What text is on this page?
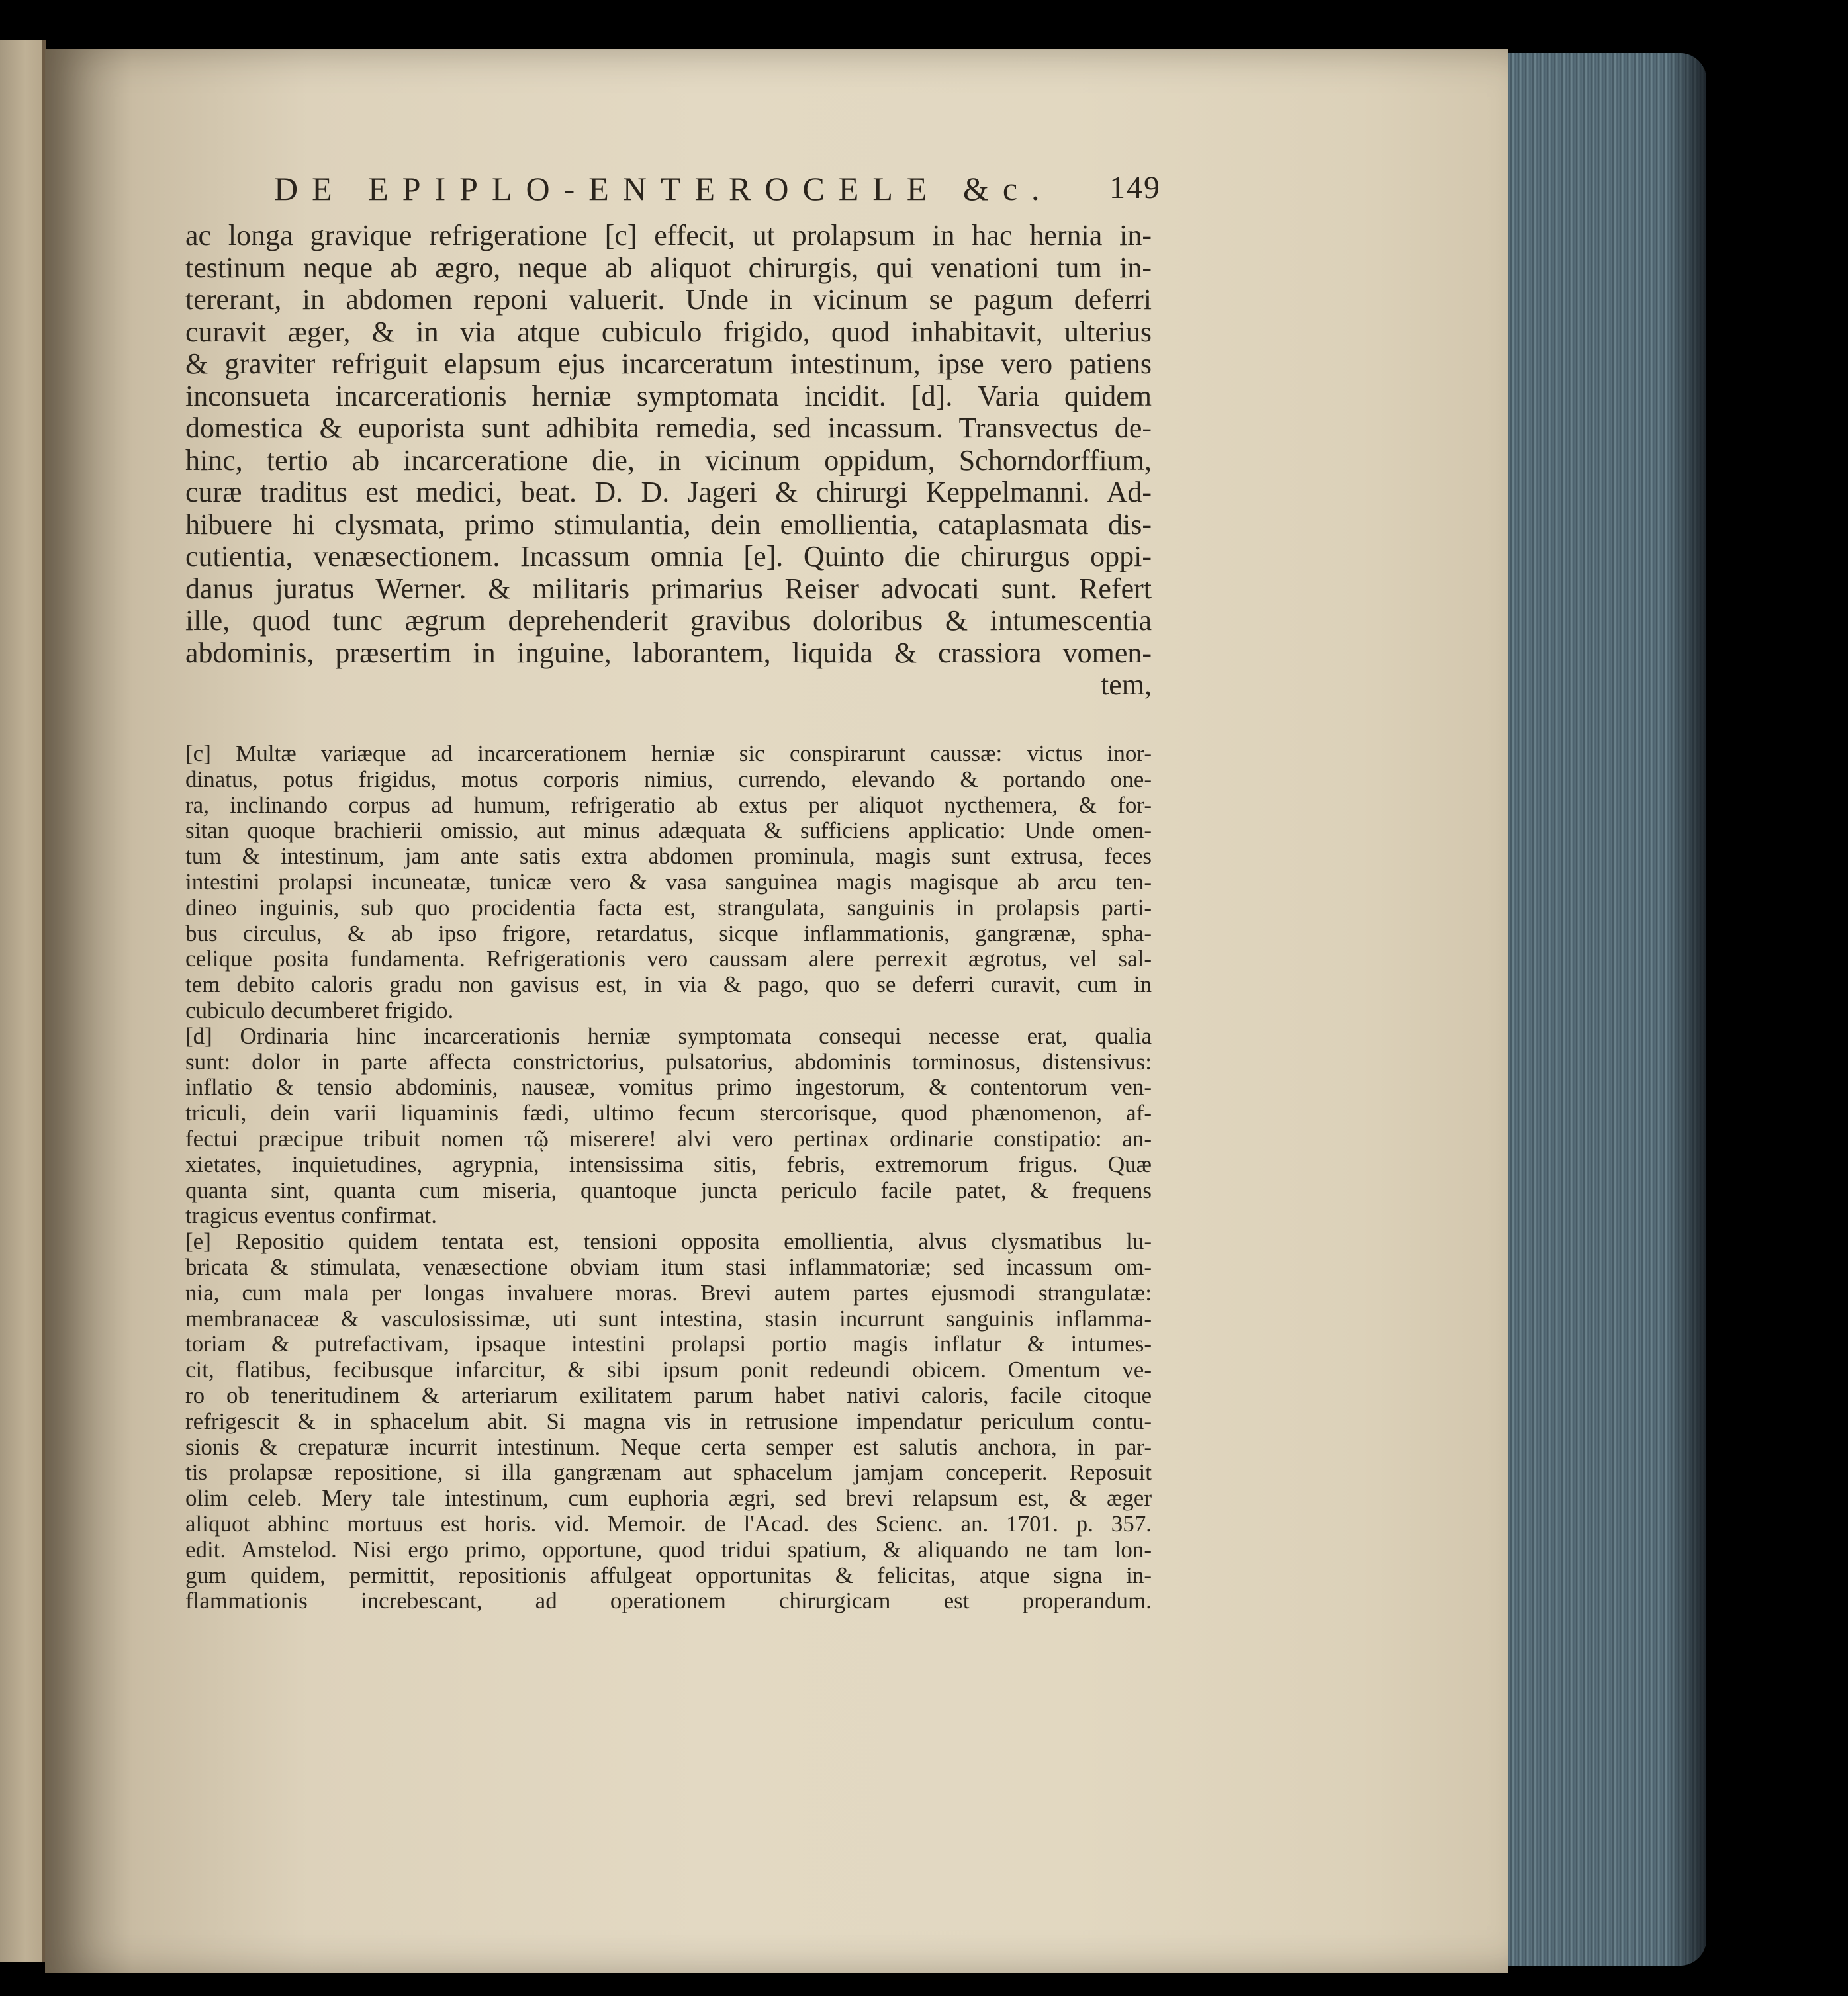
DE EPIPLO-ENTEROCELE &c. 149
ac longa gravique refrigeratione [c] effecit, ut prolapsum in hac hernia in-
testinum neque ab ægro, neque ab aliquot chirurgis, qui venationi tum in-
tererant, in abdomen reponi valuerit. Unde in vicinum se pagum deferri
curavit æger, & in via atque cubiculo frigido, quod inhabitavit, ulterius
& graviter refriguit elapsum ejus incarceratum intestinum, ipse vero patiens
inconsueta incarcerationis herniæ symptomata incidit. [d]. Varia quidem
domestica & euporista sunt adhibita remedia, sed incassum. Transvectus de-
hinc, tertio ab incarceratione die, in vicinum oppidum, Schorndorffium,
curæ traditus est medici, beat. D. D. Jageri & chirurgi Keppelmanni. Ad-
hibuere hi clysmata, primo stimulantia, dein emollientia, cataplasmata dis-
cutientia, venæsectionem. Incassum omnia [e]. Quinto die chirurgus oppi-
danus juratus Werner. & militaris primarius Reiser advocati sunt. Refert
ille, quod tunc ægrum deprehenderit gravibus doloribus & intumescentia
abdominis, præsertim in inguine, laborantem, liquida & crassiora vomen-
tem,
[c] Multæ variæque ad incarcerationem herniæ sic conspirarunt caussæ: victus inor-
dinatus, potus frigidus, motus corporis nimius, currendo, elevando & portando one-
ra, inclinando corpus ad humum, refrigeratio ab extus per aliquot nycthemera, & for-
sitan quoque brachierii omissio, aut minus adæquata & sufficiens applicatio: Unde omen-
tum & intestinum, jam ante satis extra abdomen prominula, magis sunt extrusa, feces
intestini prolapsi incuneatæ, tunicæ vero & vasa sanguinea magis magisque ab arcu ten-
dineo inguinis, sub quo procidentia facta est, strangulata, sanguinis in prolapsis parti-
bus circulus, & ab ipso frigore, retardatus, sicque inflammationis, gangrænæ, spha-
celique posita fundamenta. Refrigerationis vero caussam alere perrexit ægrotus, vel sal-
tem debito caloris gradu non gavisus est, in via & pago, quo se deferri curavit, cum in
cubiculo decumberet frigido.
[d] Ordinaria hinc incarcerationis herniæ symptomata consequi necesse erat, qualia
sunt: dolor in parte affecta constrictorius, pulsatorius, abdominis torminosus, distensivus:
inflatio & tensio abdominis, nauseæ, vomitus primo ingestorum, & contentorum ven-
triculi, dein varii liquaminis fædi, ultimo fecum stercorisque, quod phænomenon, af-
fectui præcipue tribuit nomen τῷ miserere! alvi vero pertinax ordinarie constipatio: an-
xietates, inquietudines, agrypnia, intensissima sitis, febris, extremorum frigus. Quæ
quanta sint, quanta cum miseria, quantoque juncta periculo facile patet, & frequens
tragicus eventus confirmat.
[e] Repositio quidem tentata est, tensioni opposita emollientia, alvus clysmatibus lu-
bricata & stimulata, venæsectione obviam itum stasi inflammatoriæ; sed incassum om-
nia, cum mala per longas invaluere moras. Brevi autem partes ejusmodi strangulatæ:
membranaceæ & vasculosissimæ, uti sunt intestina, stasin incurrunt sanguinis inflamma-
toriam & putrefactivam, ipsaque intestini prolapsi portio magis inflatur & intumes-
cit, flatibus, fecibusque infarcitur, & sibi ipsum ponit redeundi obicem. Omentum ve-
ro ob teneritudinem & arteriarum exilitatem parum habet nativi caloris, facile citoque
refrigescit & in sphacelum abit. Si magna vis in retrusione impendatur periculum contu-
sionis & crepaturæ incurrit intestinum. Neque certa semper est salutis anchora, in par-
tis prolapsæ repositione, si illa gangrænam aut sphacelum jamjam conceperit. Reposuit
olim celeb. Mery tale intestinum, cum euphoria ægri, sed brevi relapsum est, & æger
aliquot abhinc mortuus est horis. vid. Memoir. de l'Acad. des Scienc. an. 1701. p. 357.
edit. Amstelod. Nisi ergo primo, opportune, quod tridui spatium, & aliquando ne tam lon-
gum quidem, permittit, repositionis affulgeat opportunitas & felicitas, atque signa in-
flammationis increbescant, ad operationem chirurgicam est properandum.
